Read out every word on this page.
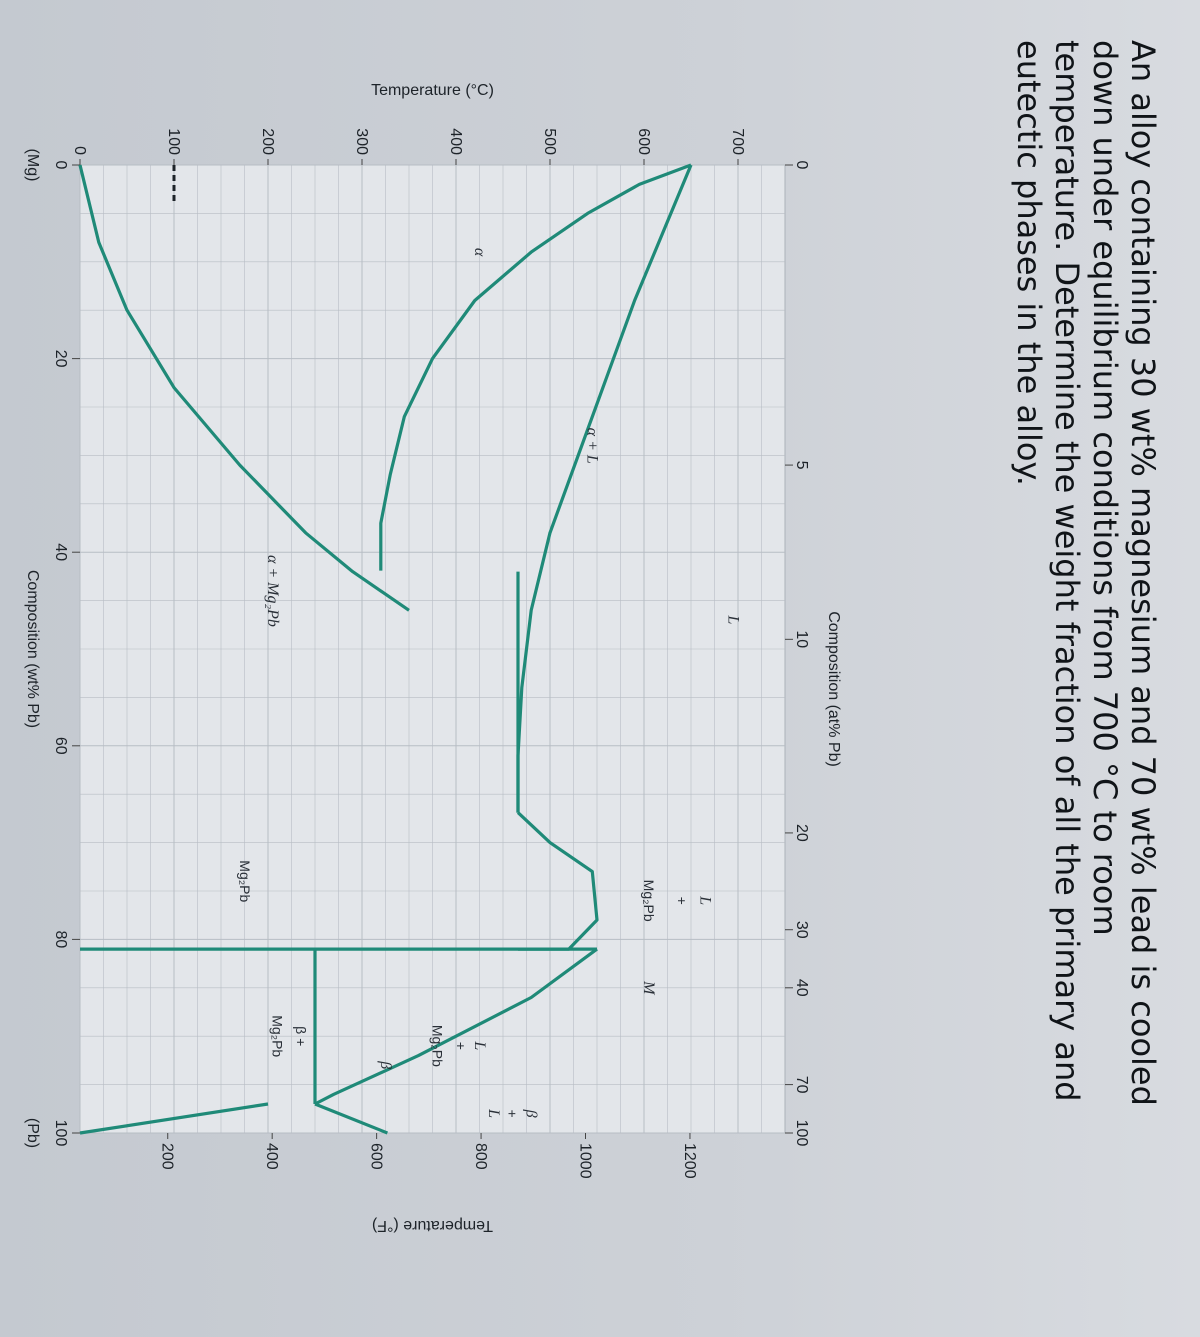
An alloy containing 30 wt% magnesium and 70 wt% lead is cooled
down under equilibrium conditions from 700 °C to room
temperature. Determine the weight fraction of all the primary and
eutectic phases in the alloy.
0
20
40
60
80
100
Composition (wt% Pb)
(Mg)
(Pb)
0
5
10
20
30
40
70
100
Composition (at% Pb)
0	100	200	300	400	500	600	700
Temperature (°C)
200	400	600	800	1000	1200
Temperature (°F)
L
α + L
α
α + Mg₂Pb
L
+
Mg₂Pb
M
Mg₂Pb
L
+
Mg₂Pb
β
+
L
β +
Mg₂Pb
β
